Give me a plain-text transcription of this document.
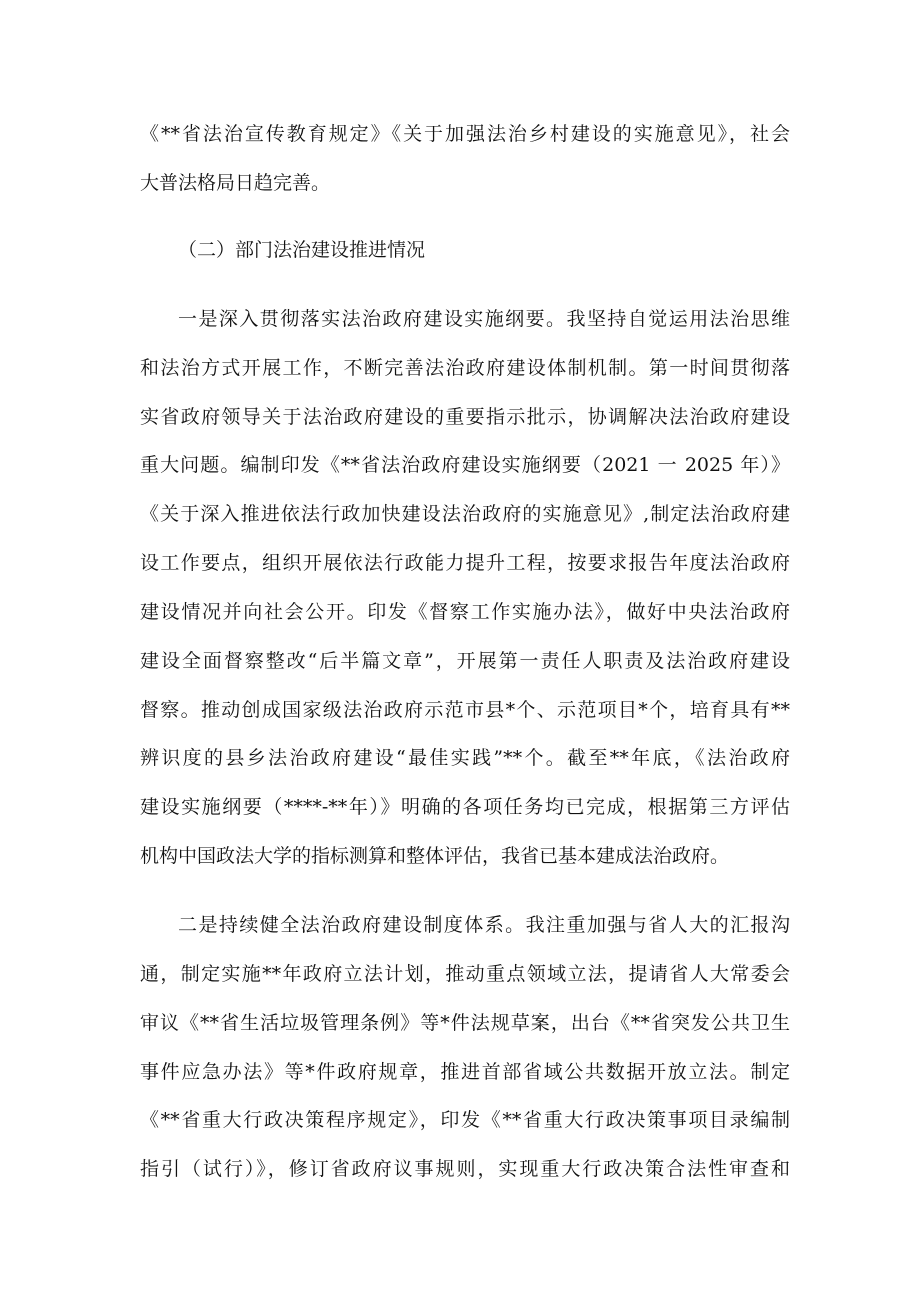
《**省法治宣传教育规定》《关于加强法治乡村建设的实施意见》，社会
大普法格局日趋完善。
（二）部门法治建设推进情况
一是深入贯彻落实法治政府建设实施纲要。我坚持自觉运用法治思维
和法治方式开展工作，不断完善法治政府建设体制机制。第一时间贯彻落
实省政府领导关于法治政府建设的重要指示批示，协调解决法治政府建设
重大问题。编制印发《**省法治政府建设实施纲要（2021 一 2025 年）》
《关于深入推进依法行政加快建设法治政府的实施意见》,制定法治政府建
设工作要点，组织开展依法行政能力提升工程，按要求报告年度法治政府
建设情况并向社会公开。印发《督察工作实施办法》，做好中央法治政府
建设全面督察整改“后半篇文章”，开展第一责任人职责及法治政府建设
督察。推动创成国家级法治政府示范市县*个、示范项目*个，培育具有**
辨识度的县乡法治政府建设“最佳实践”**个。截至**年底，《法治政府
建设实施纲要（****-**年）》明确的各项任务均已完成，根据第三方评估
机构中国政法大学的指标测算和整体评估，我省已基本建成法治政府。
二是持续健全法治政府建设制度体系。我注重加强与省人大的汇报沟
通，制定实施**年政府立法计划，推动重点领域立法，提请省人大常委会
审议《**省生活垃圾管理条例》等*件法规草案，出台《**省突发公共卫生
事件应急办法》等*件政府规章，推进首部省域公共数据开放立法。制定
《**省重大行政决策程序规定》，印发《**省重大行政决策事项目录编制
指引（试行）》，修订省政府议事规则，实现重大行政决策合法性审查和
